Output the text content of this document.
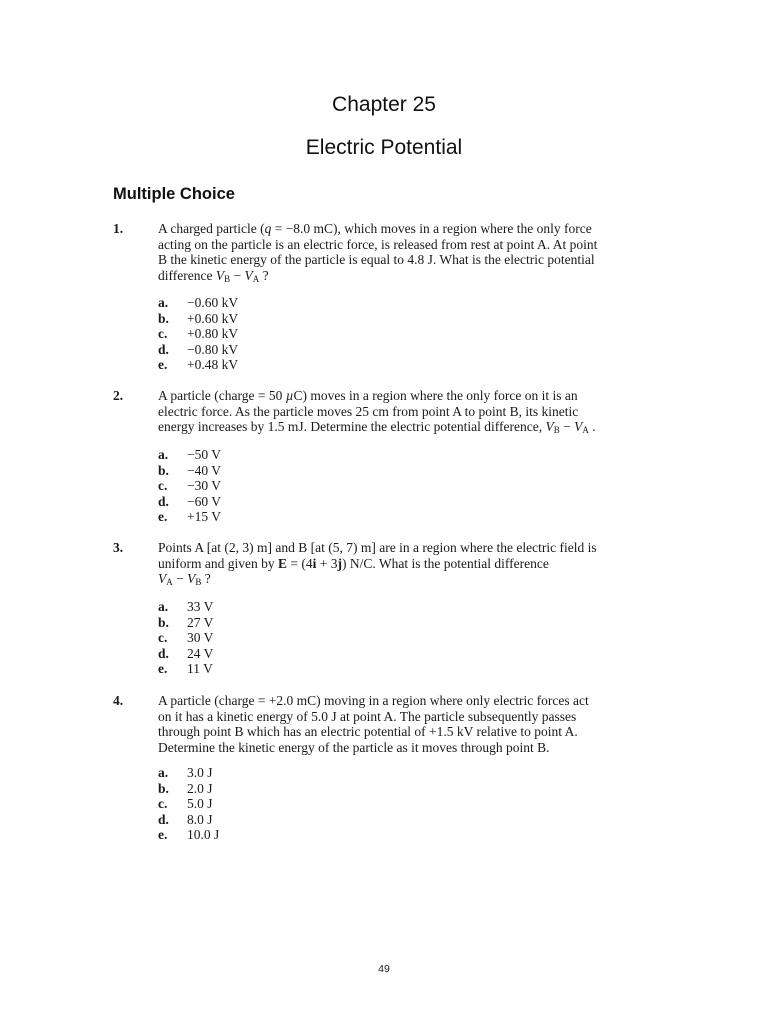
Chapter 25
Electric Potential
Multiple Choice
1.	A charged particle (q = −8.0 mC), which moves in a region where the only force
acting on the particle is an electric force, is released from rest at point A. At point
B the kinetic energy of the particle is equal to 4.8 J. What is the electric potential
difference $V_B - V_A$ ?
a. −0.60 kV
b. +0.60 kV
c. +0.80 kV
d. −0.80 kV
e. +0.48 kV
2.	A particle (charge = 50 µC) moves in a region where the only force on it is an
electric force. As the particle moves 25 cm from point A to point B, its kinetic
energy increases by 1.5 mJ. Determine the electric potential difference, $V_B - V_A$ .
a. −50 V
b. −40 V
c. −30 V
d. −60 V
e. +15 V
3.	Points A [at (2, 3) m] and B [at (5, 7) m] are in a region where the electric field is
uniform and given by E = (4i + 3j) N/C. What is the potential difference
$V_A - V_B$ ?
a. 33 V
b. 27 V
c. 30 V
d. 24 V
e. 11 V
4.	A particle (charge = +2.0 mC) moving in a region where only electric forces act
on it has a kinetic energy of 5.0 J at point A. The particle subsequently passes
through point B which has an electric potential of +1.5 kV relative to point A.
Determine the kinetic energy of the particle as it moves through point B.
a. 3.0 J
b. 2.0 J
c. 5.0 J
d. 8.0 J
e. 10.0 J
49
